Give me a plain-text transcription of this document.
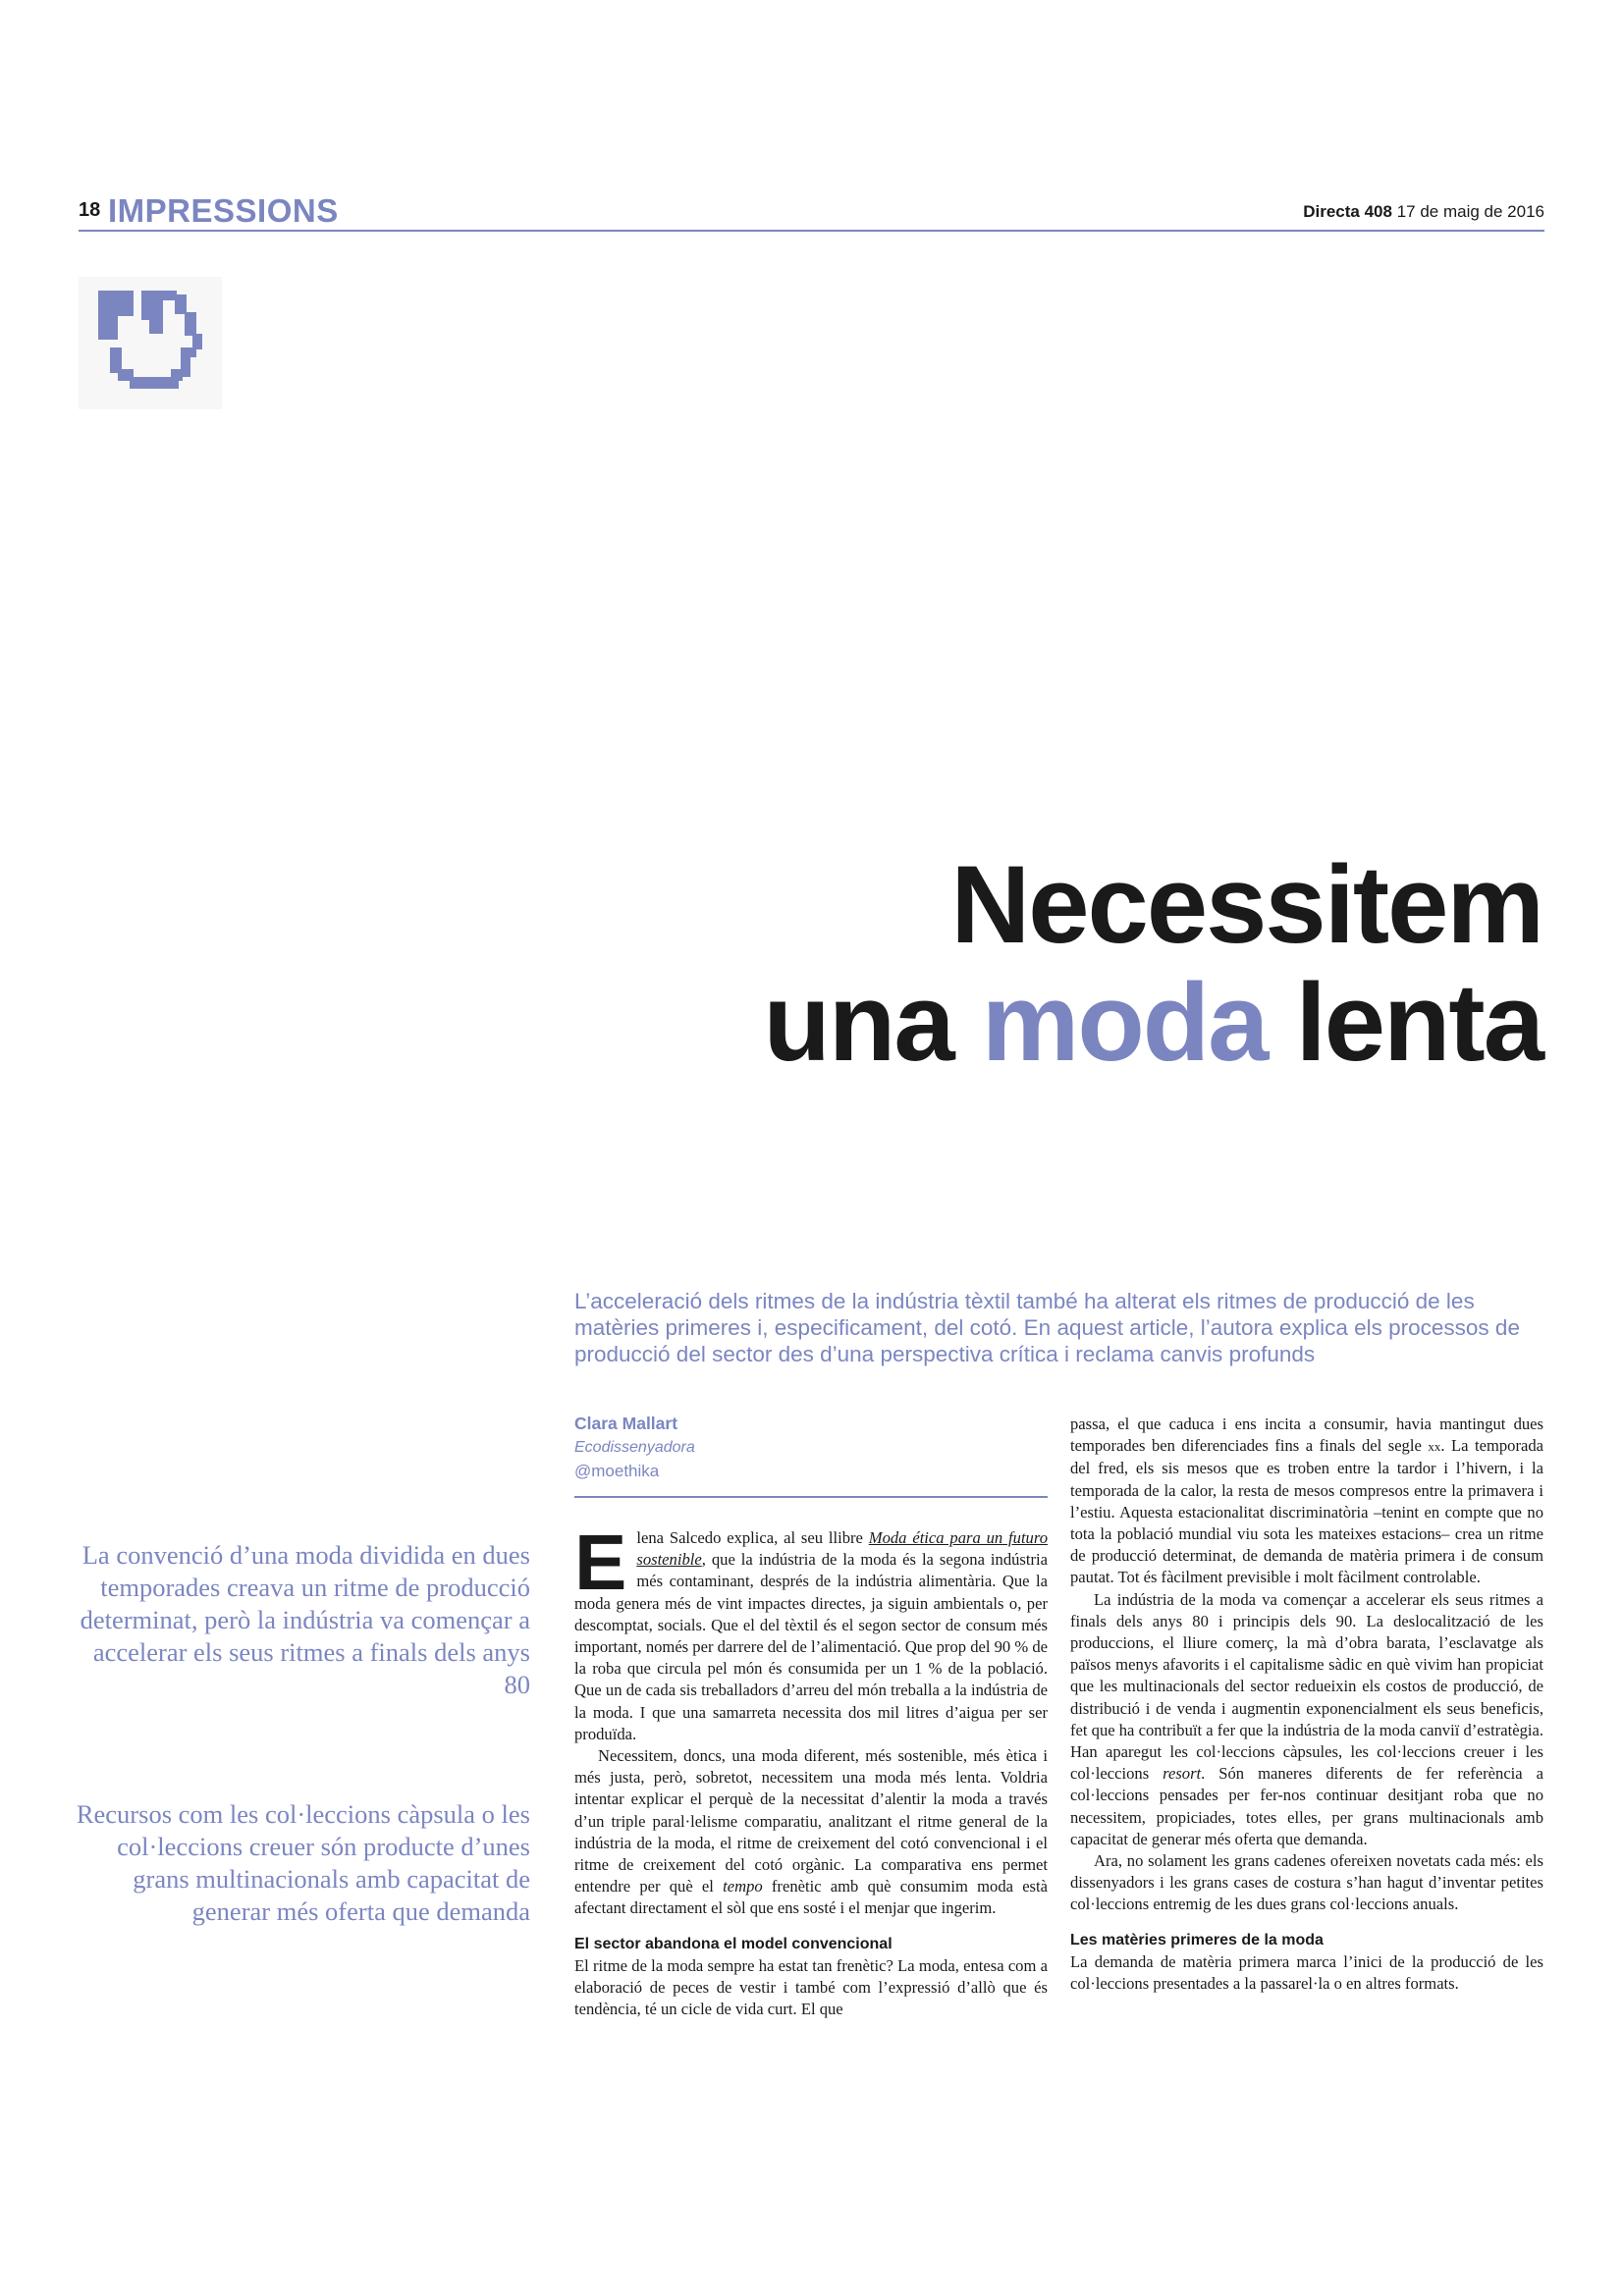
18 IMPRESSIONS	Directa 408 17 de maig de 2016
Necessitem
una moda lenta
L’acceleració dels ritmes de la indústria tèxtil també ha alterat els ritmes de producció de les matèries primeres i, especificament, del cotó. En aquest article, l’autora explica els processos de producció del sector des d’una perspectiva crítica i reclama canvis profunds
Clara Mallart
Ecodissenyadora
@moethika
La convenció d’una moda dividida en dues temporades creava un ritme de producció determinat, però la indústria va començar a accelerar els seus ritmes a finals dels anys 80
Recursos com les col·leccions càpsula o les col·leccions creuer són producte d’unes grans multinacionals amb capacitat de generar més oferta que demanda

Elena Salcedo explica, al seu llibre Moda ética para un futuro sostenible, que la indústria de la moda és la segona indústria més contaminant, després de la indústria alimentària. Que la moda genera més de vint impactes directes, ja siguin ambientals o, per descomptat, socials. Que el del tèxtil és el segon sector de consum més important, només per darrere del de l’alimentació. Que prop del 90 % de la roba que circula pel món és consumida per un 1 % de la població. Que un de cada sis treballadors d’arreu del món treballa a la indústria de la moda. I que una samarreta necessita dos mil litres d’aigua per ser produïda.

Necessitem, doncs, una moda diferent, més sostenible, més ètica i més justa, però, sobretot, necessitem una moda més lenta. Voldria intentar explicar el perquè de la necessitat d’alentir la moda a través d’un triple paral·lelisme comparatiu, analitzant el ritme general de la indústria de la moda, el ritme de creixement del cotó convencional i el ritme de creixement del cotó orgànic. La comparativa ens permet entendre per què el tempo frenètic amb què consumim moda està afectant directament el sòl que ens sosté i el menjar que ingerim.

El sector abandona el model convencional

El ritme de la moda sempre ha estat tan frenètic? La moda, entesa com a elaboració de peces de vestir i també com l’expressió d’allò que és tendència, té un cicle de vida curt. El que

passa, el que caduca i ens incita a consumir, havia mantingut dues temporades ben diferenciades fins a finals del segle xx. La temporada del fred, els sis mesos que es troben entre la tardor i l’hivern, i la temporada de la calor, la resta de mesos compresos entre la primavera i l’estiu. Aquesta estacionalitat discriminatòria –tenint en compte que no tota la població mundial viu sota les mateixes estacions– crea un ritme de producció determinat, de demanda de matèria primera i de consum pautat. Tot és fàcilment previsible i molt fàcilment controlable.

La indústria de la moda va començar a accelerar els seus ritmes a finals dels anys 80 i principis dels 90. La deslocalització de les produccions, el lliure comerç, la mà d’obra barata, l’esclavatge als països menys afavorits i el capitalisme sàdic en què vivim han propiciat que les multinacionals del sector redueixin els costos de producció, de distribució i de venda i augmentin exponencialment els seus beneficis, fet que ha contribuït a fer que la indústria de la moda canviï d’estratègia. Han aparegut les col·leccions càpsules, les col·leccions creuer i les col·leccions resort. Són maneres diferents de fer referència a col·leccions pensades per fer-nos continuar desitjant roba que no necessitem, propiciades, totes elles, per grans multinacionals amb capacitat de generar més oferta que demanda.

Ara, no solament les grans cadenes ofereixen novetats cada més: els dissenyadors i les grans cases de costura s’han hagut d’inventar petites col·leccions entremig de les dues grans col·leccions anuals.

Les matèries primeres de la moda

La demanda de matèria primera marca l’inici de la producció de les col·leccions presentades a la passarel·la o en altres formats.
